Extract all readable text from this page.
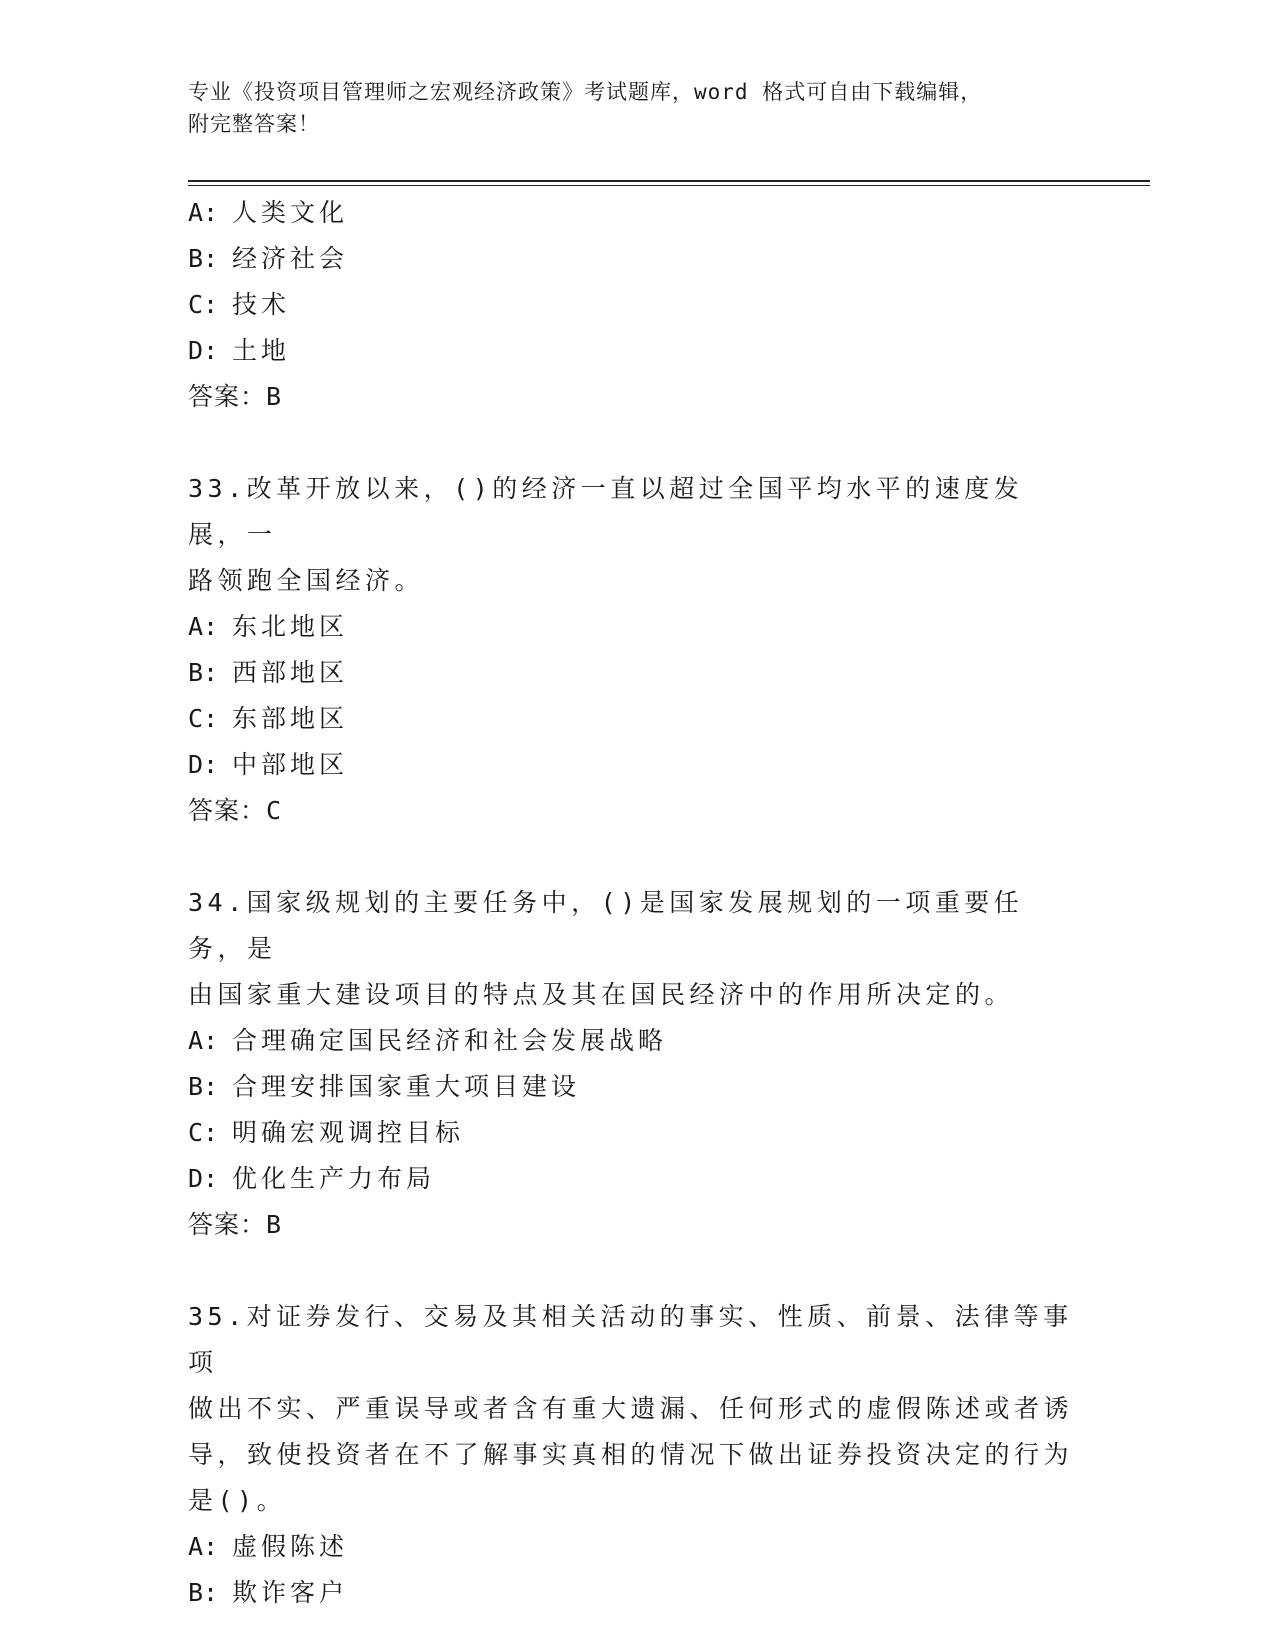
专业《投资项目管理师之宏观经济政策》考试题库，word 格式可自由下载编辑，
附完整答案！

A: 人类文化

B: 经济社会

C: 技术

D: 土地

答案：B

33.改革开放以来，()的经济一直以超过全国平均水平的速度发展，一
路领跑全国经济。

A: 东北地区

B: 西部地区

C: 东部地区

D: 中部地区

答案：C

34.国家级规划的主要任务中，()是国家发展规划的一项重要任务，是
由国家重大建设项目的特点及其在国民经济中的作用所决定的。

A: 合理确定国民经济和社会发展战略

B: 合理安排国家重大项目建设

C: 明确宏观调控目标

D: 优化生产力布局

答案：B

35.对证券发行、交易及其相关活动的事实、性质、前景、法律等事项
做出不实、严重误导或者含有重大遗漏、任何形式的虚假陈述或者诱
导，致使投资者在不了解事实真相的情况下做出证券投资决定的行为
是()。

A: 虚假陈述

B: 欺诈客户
